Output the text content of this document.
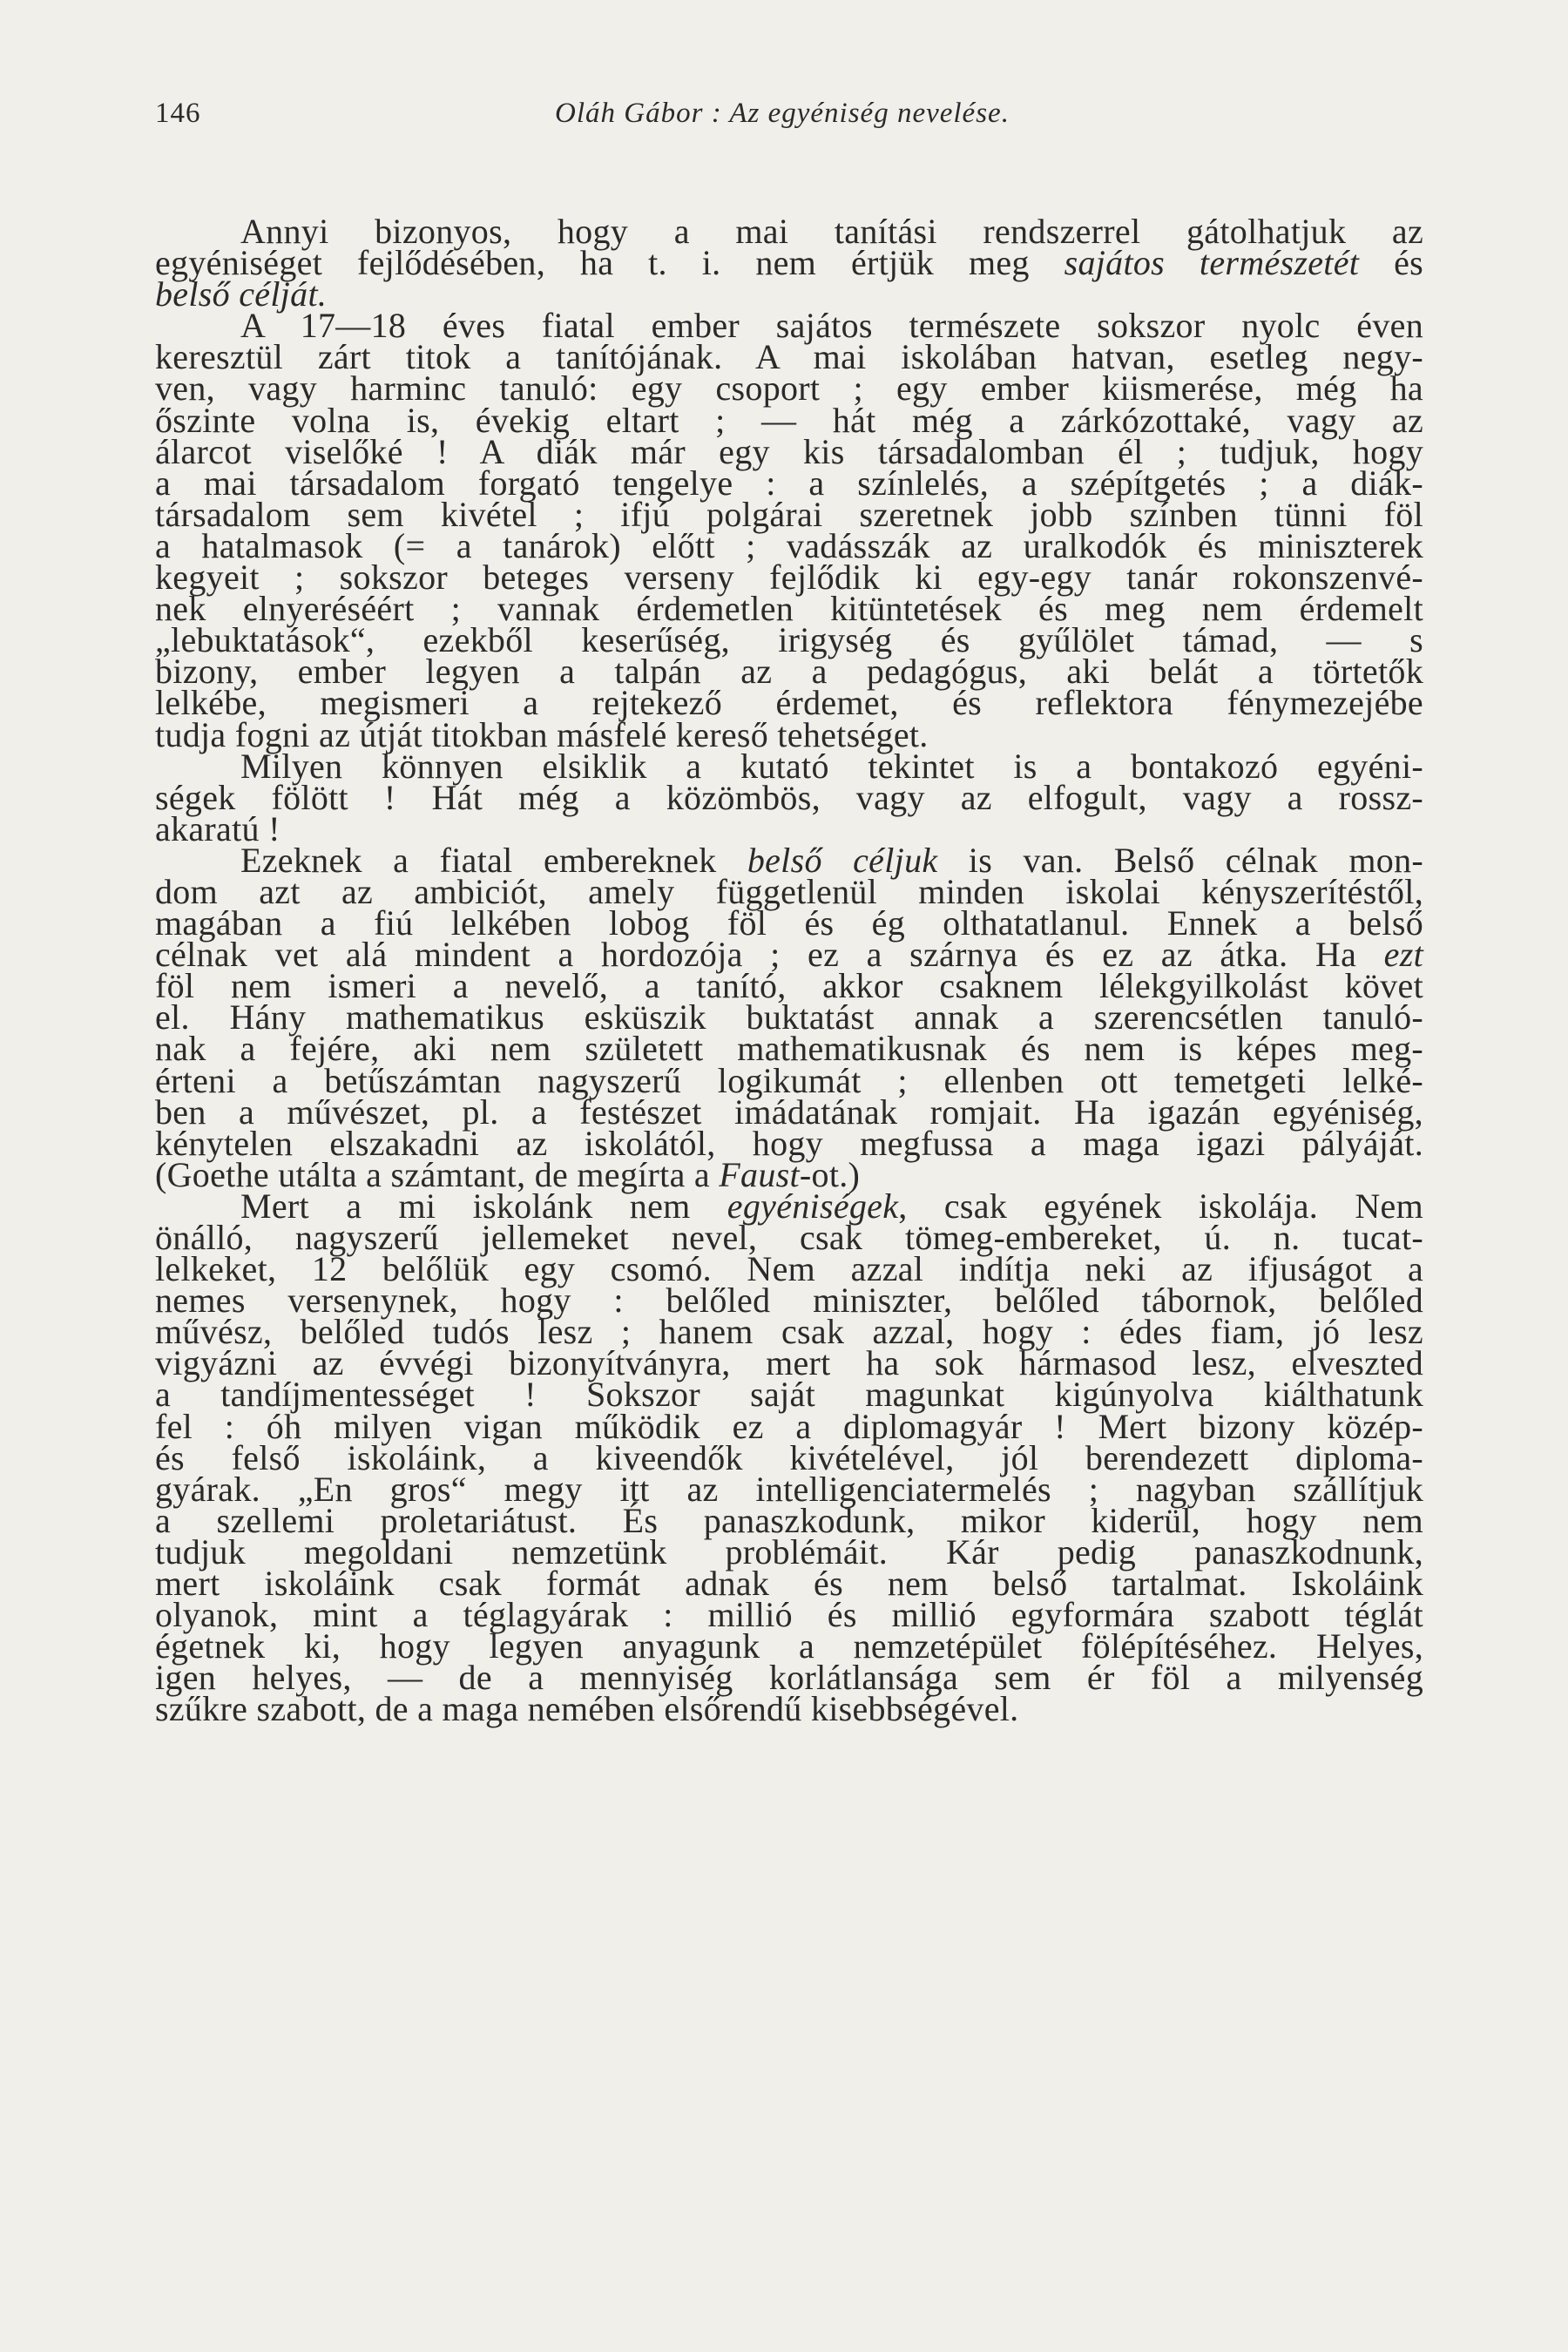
146	Oláh Gábor : Az egyéniség nevelése.
Annyi bizonyos, hogy a mai tanítási rendszerrel gátolhatjuk az
egyéniséget fejlődésében, ha t. i. nem értjük meg sajátos természetét és
belső célját.
A 17—18 éves fiatal ember sajátos természete sokszor nyolc éven
keresztül zárt titok a tanítójának. A mai iskolában hatvan, esetleg negy-
ven, vagy harminc tanuló: egy csoport ; egy ember kiismerése, még ha
őszinte volna is, évekig eltart ; — hát még a zárkózottaké, vagy az
álarcot viselőké ! A diák már egy kis társadalomban él ; tudjuk, hogy
a mai társadalom forgató tengelye : a színlelés, a szépítgetés ; a diák-
társadalom sem kivétel ; ifjú polgárai szeretnek jobb színben tünni föl
a hatalmasok (= a tanárok) előtt ; vadásszák az uralkodók és miniszterek
kegyeit ; sokszor beteges verseny fejlődik ki egy-egy tanár rokonszenvé-
nek elnyeréséért ; vannak érdemetlen kitüntetések és meg nem érdemelt
„lebuktatások“, ezekből keserűség, irigység és gyűlölet támad, — s
bizony, ember legyen a talpán az a pedagógus, aki belát a törtetők
lelkébe, megismeri a rejtekező érdemet, és reflektora fénymezejébe
tudja fogni az útját titokban másfelé kereső tehetséget.
Milyen könnyen elsiklik a kutató tekintet is a bontakozó egyéni-
ségek fölött ! Hát még a közömbös, vagy az elfogult, vagy a rossz-
akaratú !
Ezeknek a fiatal embereknek belső céljuk is van. Belső célnak mon-
dom azt az ambiciót, amely függetlenül minden iskolai kényszerítéstől,
magában a fiú lelkében lobog föl és ég olthatatlanul. Ennek a belső
célnak vet alá mindent a hordozója ; ez a szárnya és ez az átka. Ha ezt
föl nem ismeri a nevelő, a tanító, akkor csaknem lélekgyilkolást követ
el. Hány mathematikus esküszik buktatást annak a szerencsétlen tanuló-
nak a fejére, aki nem született mathematikusnak és nem is képes meg-
érteni a betűszámtan nagyszerű logikumát ; ellenben ott temetgeti lelké-
ben a művészet, pl. a festészet imádatának romjait. Ha igazán egyéniség,
kénytelen elszakadni az iskolától, hogy megfussa a maga igazi pályáját.
(Goethe utálta a számtant, de megírta a Faust-ot.)
Mert a mi iskolánk nem egyéniségek, csak egyének iskolája. Nem
önálló, nagyszerű jellemeket nevel, csak tömeg-embereket, ú. n. tucat-
lelkeket, 12 belőlük egy csomó. Nem azzal indítja neki az ifjuságot a
nemes versenynek, hogy : belőled miniszter, belőled tábornok, belőled
művész, belőled tudós lesz ; hanem csak azzal, hogy : édes fiam, jó lesz
vigyázni az évvégi bizonyítványra, mert ha sok hármasod lesz, elveszted
a tandíjmentességet ! Sokszor saját magunkat kigúnyolva kiálthatunk
fel : óh milyen vigan működik ez a diplomagyár ! Mert bizony közép-
és felső iskoláink, a kiveendők kivételével, jól berendezett diploma-
gyárak. „En gros“ megy itt az intelligenciatermelés ; nagyban szállítjuk
a szellemi proletariátust. És panaszkodunk, mikor kiderül, hogy nem
tudjuk megoldani nemzetünk problémáit. Kár pedig panaszkodnunk,
mert iskoláink csak formát adnak és nem belső tartalmat. Iskoláink
olyanok, mint a téglagyárak : millió és millió egyformára szabott téglát
égetnek ki, hogy legyen anyagunk a nemzetépület fölépítéséhez. Helyes,
igen helyes, — de a mennyiség korlátlansága sem ér föl a milyenség
szűkre szabott, de a maga nemében elsőrendű kisebbségével.
